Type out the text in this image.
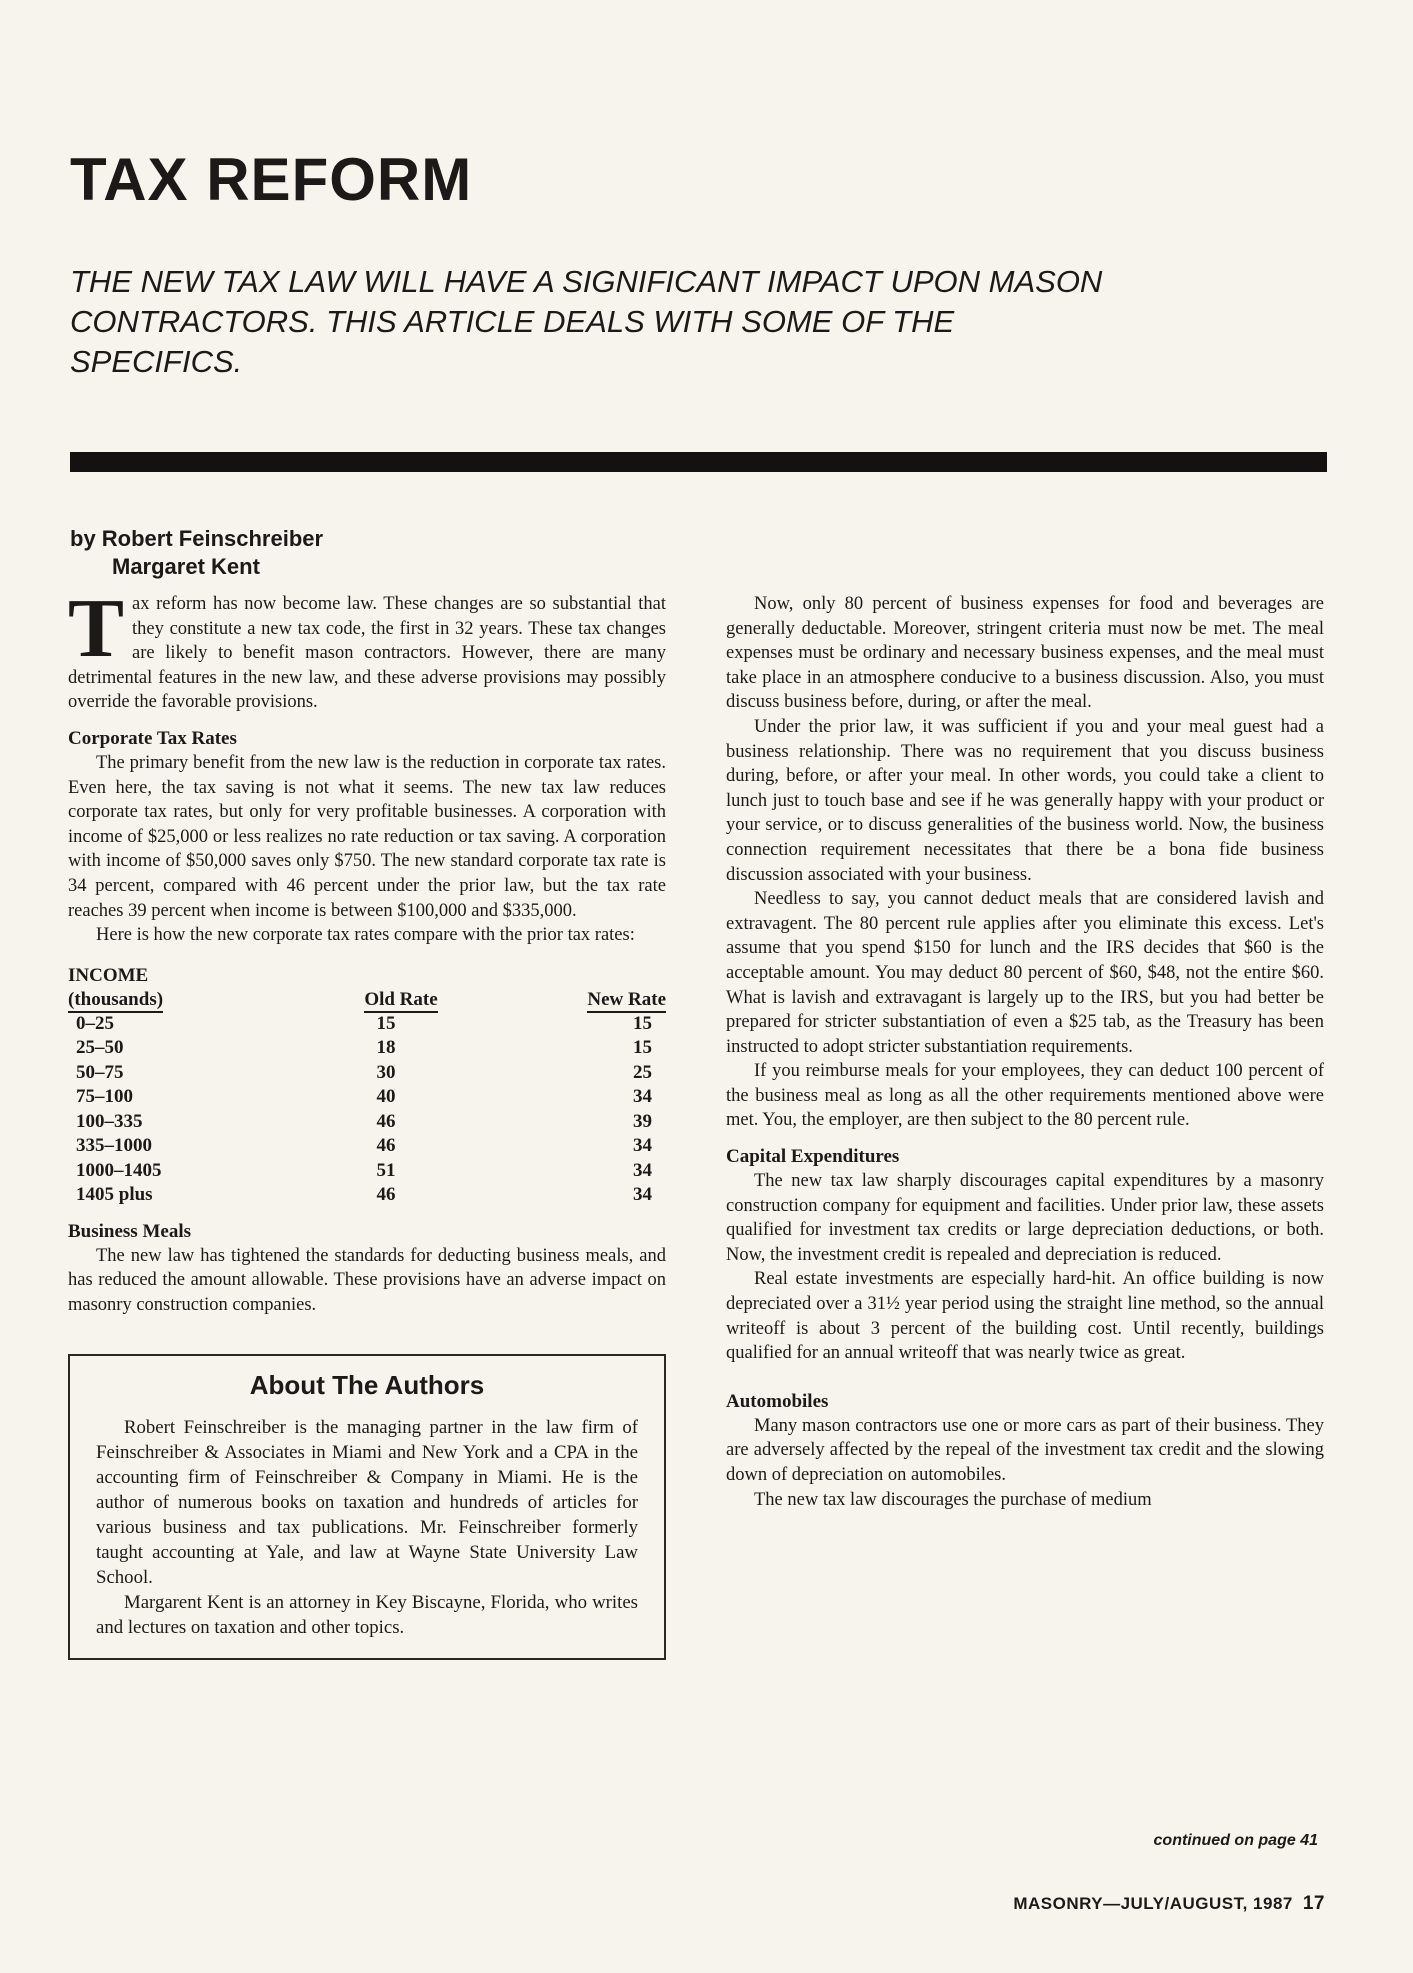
TAX REFORM

THE NEW TAX LAW WILL HAVE A SIGNIFICANT IMPACT UPON MASON CONTRACTORS. THIS ARTICLE DEALS WITH SOME OF THE SPECIFICS.

by Robert Feinschreiber
Margaret Kent

Tax reform has now become law. These changes are so substantial that they constitute a new tax code, the first in 32 years. These tax changes are likely to benefit mason contractors. However, there are many detrimental features in the new law, and these adverse provisions may possibly override the favorable provisions.

Corporate Tax Rates

The primary benefit from the new law is the reduction in corporate tax rates. Even here, the tax saving is not what it seems. The new tax law reduces corporate tax rates, but only for very profitable businesses. A corporation with income of $25,000 or less realizes no rate reduction or tax saving. A corporation with income of $50,000 saves only $750. The new standard corporate tax rate is 34 percent, compared with 46 percent under the prior law, but the tax rate reaches 39 percent when income is between $100,000 and $335,000.

Here is how the new corporate tax rates compare with the prior tax rates:

INCOME
(thousands)	Old Rate	New Rate
0–25	15	15
25–50	18	15
50–75	30	25
75–100	40	34
100–335	46	39
335–1000	46	34
1000–1405	51	34
1405 plus	46	34
Business Meals

The new law has tightened the standards for deducting business meals, and has reduced the amount allowable. These provisions have an adverse impact on masonry construction companies.

About The Authors

Robert Feinschreiber is the managing partner in the law firm of Feinschreiber & Associates in Miami and New York and a CPA in the accounting firm of Feinschreiber & Company in Miami. He is the author of numerous books on taxation and hundreds of articles for various business and tax publications. Mr. Feinschreiber formerly taught accounting at Yale, and law at Wayne State University Law School.

Margarent Kent is an attorney in Key Biscayne, Florida, who writes and lectures on taxation and other topics.

Now, only 80 percent of business expenses for food and beverages are generally deductable. Moreover, stringent criteria must now be met. The meal expenses must be ordinary and necessary business expenses, and the meal must take place in an atmosphere conducive to a business discussion. Also, you must discuss business before, during, or after the meal.

Under the prior law, it was sufficient if you and your meal guest had a business relationship. There was no requirement that you discuss business during, before, or after your meal. In other words, you could take a client to lunch just to touch base and see if he was generally happy with your product or your service, or to discuss generalities of the business world. Now, the business connection requirement necessitates that there be a bona fide business discussion associated with your business.

Needless to say, you cannot deduct meals that are considered lavish and extravagent. The 80 percent rule applies after you eliminate this excess. Let's assume that you spend $150 for lunch and the IRS decides that $60 is the acceptable amount. You may deduct 80 percent of $60, $48, not the entire $60. What is lavish and extravagant is largely up to the IRS, but you had better be prepared for stricter substantiation of even a $25 tab, as the Treasury has been instructed to adopt stricter substantiation requirements.

If you reimburse meals for your employees, they can deduct 100 percent of the business meal as long as all the other requirements mentioned above were met. You, the employer, are then subject to the 80 percent rule.

Capital Expenditures

The new tax law sharply discourages capital expenditures by a masonry construction company for equipment and facilities. Under prior law, these assets qualified for investment tax credits or large depreciation deductions, or both. Now, the investment credit is repealed and depreciation is reduced.

Real estate investments are especially hard-hit. An office building is now depreciated over a 31½ year period using the straight line method, so the annual writeoff is about 3 percent of the building cost. Until recently, buildings qualified for an annual writeoff that was nearly twice as great.

Automobiles

Many mason contractors use one or more cars as part of their business. They are adversely affected by the repeal of the investment tax credit and the slowing down of depreciation on automobiles.

The new tax law discourages the purchase of medium

continued on page 41
MASONRY—JULY/AUGUST, 1987 17
